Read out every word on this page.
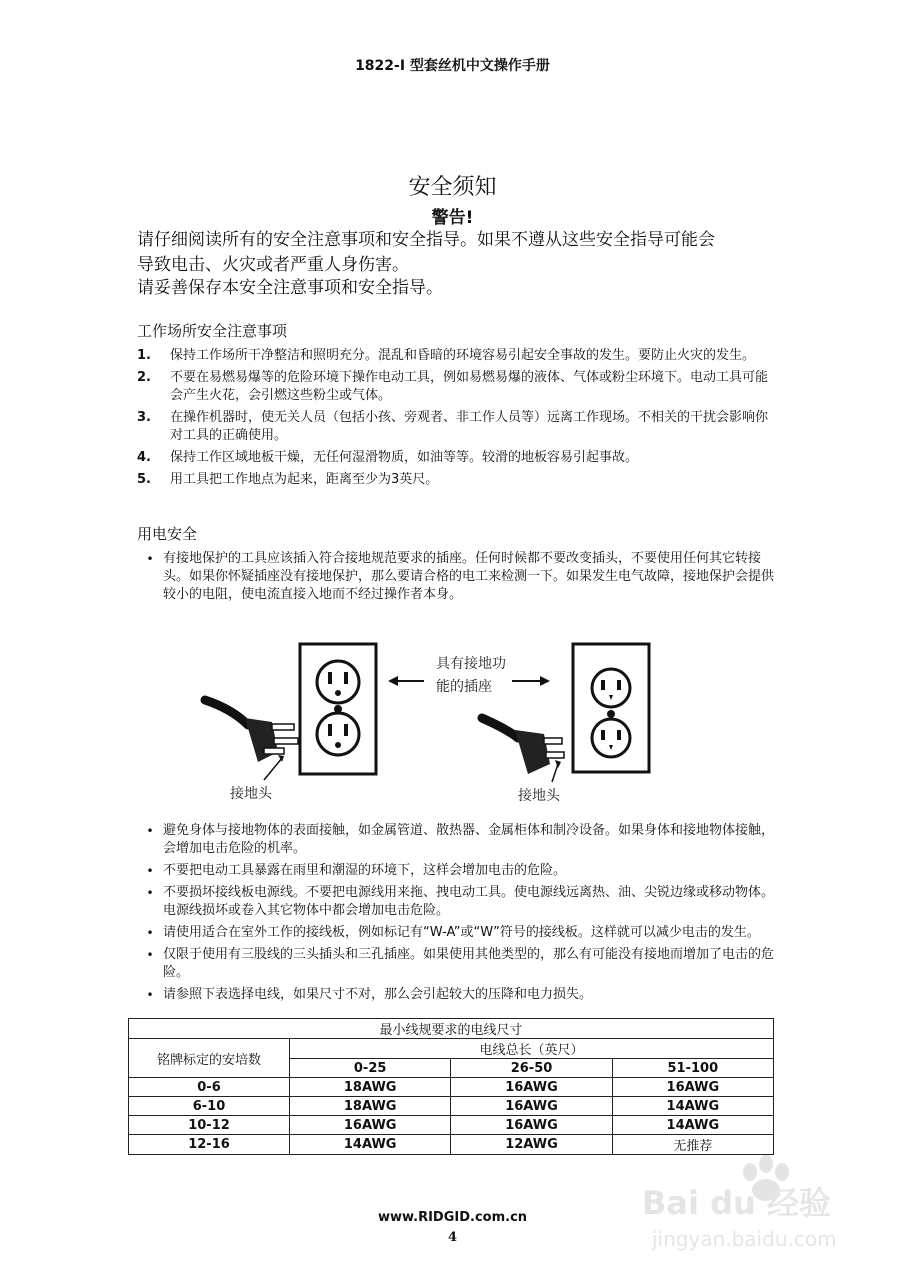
1822-I 型套丝机中文操作手册
安全须知
警告!
请仔细阅读所有的安全注意事项和安全指导。如果不遵从这些安全指导可能会
导致电击、火灾或者严重人身伤害。
请妥善保存本安全注意事项和安全指导。
工作场所安全注意事项
1.	保持工作场所干净整洁和照明充分。混乱和昏暗的环境容易引起安全事故的发生。要防止火灾的发生。
2.	不要在易燃易爆等的危险环境下操作电动工具，例如易燃易爆的液体、气体或粉尘环境下。电动工具可能会产生火花，会引燃这些粉尘或气体。
3.	在操作机器时，使无关人员（包括小孩、旁观者、非工作人员等）远离工作现场。不相关的干扰会影响你对工具的正确使用。
4.	保持工作区域地板干燥，无任何湿滑物质，如油等等。较滑的地板容易引起事故。
5.	用工具把工作地点为起来，距离至少为3英尺。
用电安全
• 有接地保护的工具应该插入符合接地规范要求的插座。任何时候都不要改变插头，不要使用任何其它转接头。如果你怀疑插座没有接地保护，那么要请合格的电工来检测一下。如果发生电气故障，接地保护会提供较小的电阻，使电流直接入地而不经过操作者本身。
具有接地功
能的插座
接地头	接地头
• 避免身体与接地物体的表面接触，如金属管道、散热器、金属柜体和制冷设备。如果身体和接地物体接触，会增加电击危险的机率。
• 不要把电动工具暴露在雨里和潮湿的环境下，这样会增加电击的危险。
• 不要损坏接线板电源线。不要把电源线用来拖、拽电动工具。使电源线远离热、油、尖锐边缘或移动物体。电源线损坏或卷入其它物体中都会增加电击危险。
• 请使用适合在室外工作的接线板，例如标记有“W-A”或“W”符号的接线板。这样就可以减少电击的发生。
• 仅限于使用有三股线的三头插头和三孔插座。如果使用其他类型的，那么有可能没有接地而增加了电击的危险。
• 请参照下表选择电线，如果尺寸不对，那么会引起较大的压降和电力损失。
最小线规要求的电线尺寸			
铭牌标定的安培数	电线总长（英尺）		
	0-25	26-50	51-100
0-6	18AWG	16AWG	16AWG
6-10	18AWG	16AWG	14AWG
10-12	16AWG	16AWG	14AWG
12-16	14AWG	12AWG	无推荐
www.RIDGID.com.cn
4
Bai du 经验
jingyan.baidu.com
